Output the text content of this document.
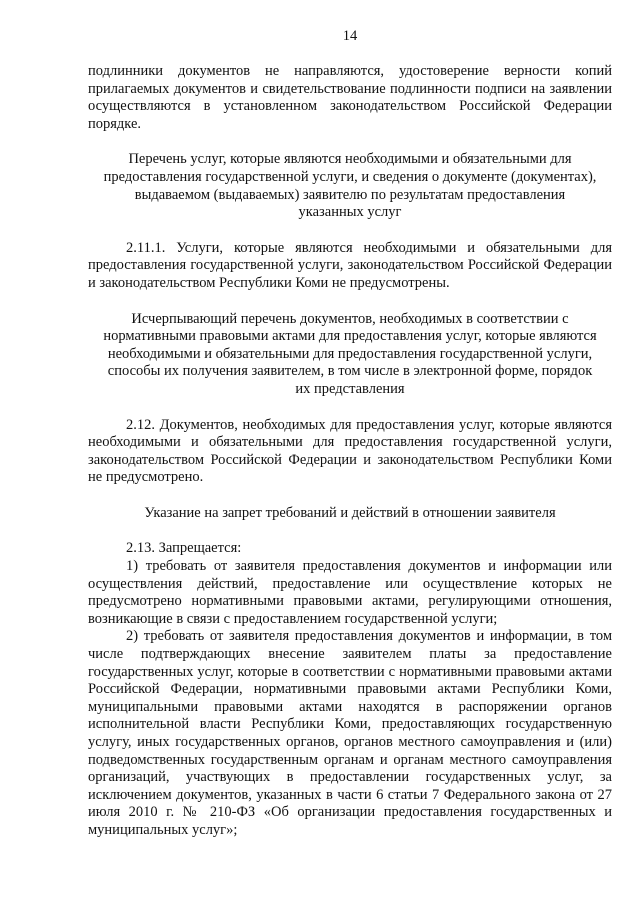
14

подлинники документов не направляются, удостоверение верности копий прилагаемых документов и свидетельствование подлинности подписи на заявлении осуществляются в установленном законодательством Российской Федерации порядке.

Перечень услуг, которые являются необходимыми и обязательными для предоставления государственной услуги, и сведения о документе (документах), выдаваемом (выдаваемых) заявителю по результатам предоставления указанных услуг

2.11.1. Услуги, которые являются необходимыми и обязательными для предоставления государственной услуги, законодательством Российской Федерации и законодательством Республики Коми не предусмотрены.

Исчерпывающий перечень документов, необходимых в соответствии с нормативными правовыми актами для предоставления услуг, которые являются необходимыми и обязательными для предоставления государственной услуги, способы их получения заявителем, в том числе в электронной форме, порядок их представления

2.12. Документов, необходимых для предоставления услуг, которые являются необходимыми и обязательными для предоставления государственной услуги, законодательством Российской Федерации и законодательством Республики Коми не предусмотрено.

Указание на запрет требований и действий в отношении заявителя

2.13. Запрещается:

1) требовать от заявителя предоставления документов и информации или осуществления действий, предоставление или осуществление которых не предусмотрено нормативными правовыми актами, регулирующими отношения, возникающие в связи с предоставлением государственной услуги;

2) требовать от заявителя предоставления документов и информации, в том числе подтверждающих внесение заявителем платы за предоставление государственных услуг, которые в соответствии с нормативными правовыми актами Российской Федерации, нормативными правовыми актами Республики Коми, муниципальными правовыми актами находятся в распоряжении органов исполнительной власти Республики Коми, предоставляющих государственную услугу, иных государственных органов, органов местного самоуправления и (или) подведомственных государственным органам и органам местного самоуправления организаций, участвующих в предоставлении государственных услуг, за исключением документов, указанных в части 6 статьи 7 Федерального закона от 27 июля 2010 г. № 210-ФЗ «Об организации предоставления государственных и муниципальных услуг»;
